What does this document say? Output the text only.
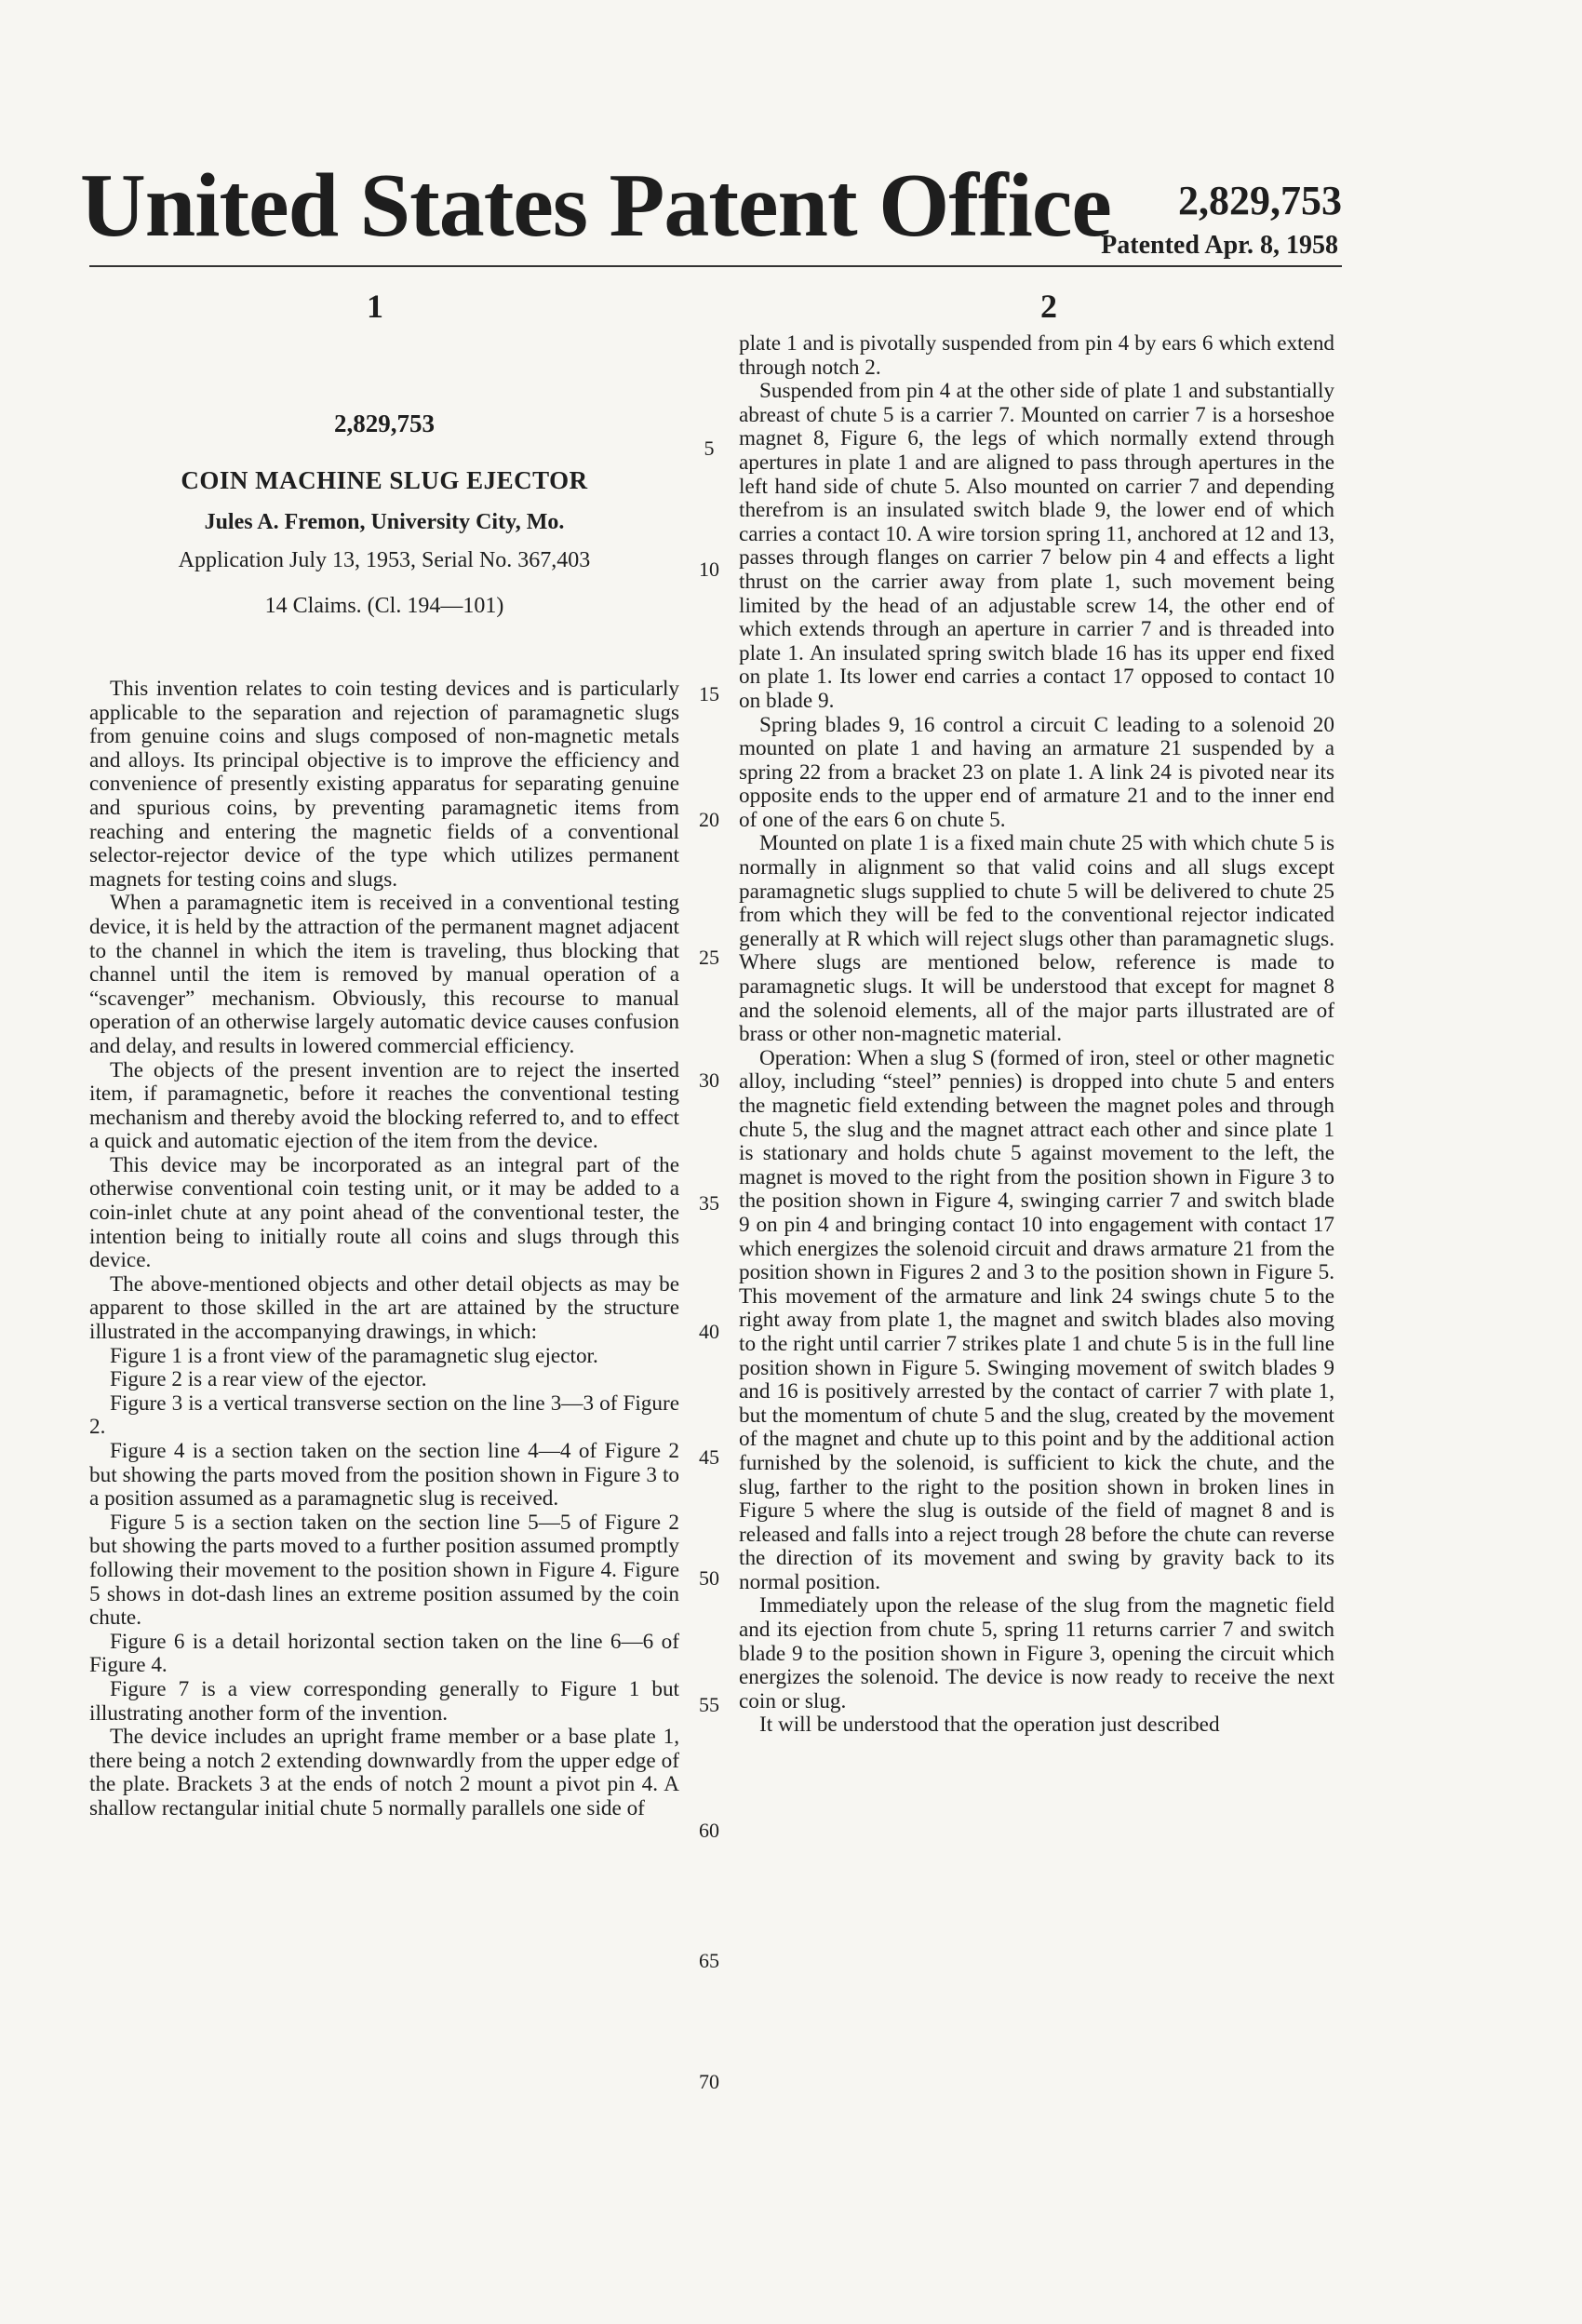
United States Patent Office 2,829,753
Patented Apr. 8, 1958
1	2
2,829,753
COIN MACHINE SLUG EJECTOR
Jules A. Fremon, University City, Mo.
Application July 13, 1953, Serial No. 367,403
14 Claims. (Cl. 194—101)

This invention relates to coin testing devices and is particularly applicable to the separation and rejection of paramagnetic slugs from genuine coins and slugs composed of non-magnetic metals and alloys. Its principal objective is to improve the efficiency and convenience of presently existing apparatus for separating genuine and spurious coins, by preventing paramagnetic items from reaching and entering the magnetic fields of a conventional selector-rejector device of the type which utilizes permanent magnets for testing coins and slugs.

When a paramagnetic item is received in a conventional testing device, it is held by the attraction of the permanent magnet adjacent to the channel in which the item is traveling, thus blocking that channel until the item is removed by manual operation of a “scavenger” mechanism. Obviously, this recourse to manual operation of an otherwise largely automatic device causes confusion and delay, and results in lowered commercial efficiency.

The objects of the present invention are to reject the inserted item, if paramagnetic, before it reaches the conventional testing mechanism and thereby avoid the blocking referred to, and to effect a quick and automatic ejection of the item from the device.

This device may be incorporated as an integral part of the otherwise conventional coin testing unit, or it may be added to a coin-inlet chute at any point ahead of the conventional tester, the intention being to initially route all coins and slugs through this device.

The above-mentioned objects and other detail objects as may be apparent to those skilled in the art are attained by the structure illustrated in the accompanying drawings, in which:

Figure 1 is a front view of the paramagnetic slug ejector.

Figure 2 is a rear view of the ejector.

Figure 3 is a vertical transverse section on the line 3—3 of Figure 2.

Figure 4 is a section taken on the section line 4—4 of Figure 2 but showing the parts moved from the position shown in Figure 3 to a position assumed as a paramagnetic slug is received.

Figure 5 is a section taken on the section line 5—5 of Figure 2 but showing the parts moved to a further position assumed promptly following their movement to the position shown in Figure 4. Figure 5 shows in dot-dash lines an extreme position assumed by the coin chute.

Figure 6 is a detail horizontal section taken on the line 6—6 of Figure 4.

Figure 7 is a view corresponding generally to Figure 1 but illustrating another form of the invention.

The device includes an upright frame member or a base plate 1, there being a notch 2 extending downwardly from the upper edge of the plate. Brackets 3 at the ends of notch 2 mount a pivot pin 4. A shallow rectangular initial chute 5 normally parallels one side of

plate 1 and is pivotally suspended from pin 4 by ears 6 which extend through notch 2.

Suspended from pin 4 at the other side of plate 1 and substantially abreast of chute 5 is a carrier 7. Mounted on carrier 7 is a horseshoe magnet 8, Figure 6, the legs of which normally extend through apertures in plate 1 and are aligned to pass through apertures in the left hand side of chute 5. Also mounted on carrier 7 and depending therefrom is an insulated switch blade 9, the lower end of which carries a contact 10. A wire torsion spring 11, anchored at 12 and 13, passes through flanges on carrier 7 below pin 4 and effects a light thrust on the carrier away from plate 1, such movement being limited by the head of an adjustable screw 14, the other end of which extends through an aperture in carrier 7 and is threaded into plate 1. An insulated spring switch blade 16 has its upper end fixed on plate 1. Its lower end carries a contact 17 opposed to contact 10 on blade 9.

Spring blades 9, 16 control a circuit C leading to a solenoid 20 mounted on plate 1 and having an armature 21 suspended by a spring 22 from a bracket 23 on plate 1. A link 24 is pivoted near its opposite ends to the upper end of armature 21 and to the inner end of one of the ears 6 on chute 5.

Mounted on plate 1 is a fixed main chute 25 with which chute 5 is normally in alignment so that valid coins and all slugs except paramagnetic slugs supplied to chute 5 will be delivered to chute 25 from which they will be fed to the conventional rejector indicated generally at R which will reject slugs other than paramagnetic slugs. Where slugs are mentioned below, reference is made to paramagnetic slugs. It will be understood that except for magnet 8 and the solenoid elements, all of the major parts illustrated are of brass or other non-magnetic material.

Operation: When a slug S (formed of iron, steel or other magnetic alloy, including “steel” pennies) is dropped into chute 5 and enters the magnetic field extending between the magnet poles and through chute 5, the slug and the magnet attract each other and since plate 1 is stationary and holds chute 5 against movement to the left, the magnet is moved to the right from the position shown in Figure 3 to the position shown in Figure 4, swinging carrier 7 and switch blade 9 on pin 4 and bringing contact 10 into engagement with contact 17 which energizes the solenoid circuit and draws armature 21 from the position shown in Figures 2 and 3 to the position shown in Figure 5. This movement of the armature and link 24 swings chute 5 to the right away from plate 1, the magnet and switch blades also moving to the right until carrier 7 strikes plate 1 and chute 5 is in the full line position shown in Figure 5. Swinging movement of switch blades 9 and 16 is positively arrested by the contact of carrier 7 with plate 1, but the momentum of chute 5 and the slug, created by the movement of the magnet and chute up to this point and by the additional action furnished by the solenoid, is sufficient to kick the chute, and the slug, farther to the right to the position shown in broken lines in Figure 5 where the slug is outside of the field of magnet 8 and is released and falls into a reject trough 28 before the chute can reverse the direction of its movement and swing by gravity back to its normal position.

Immediately upon the release of the slug from the magnetic field and its ejection from chute 5, spring 11 returns carrier 7 and switch blade 9 to the position shown in Figure 3, opening the circuit which energizes the solenoid. The device is now ready to receive the next coin or slug.

It will be understood that the operation just described

5
10
15
20
25
30
35
40
45
50
55
60
65
70
